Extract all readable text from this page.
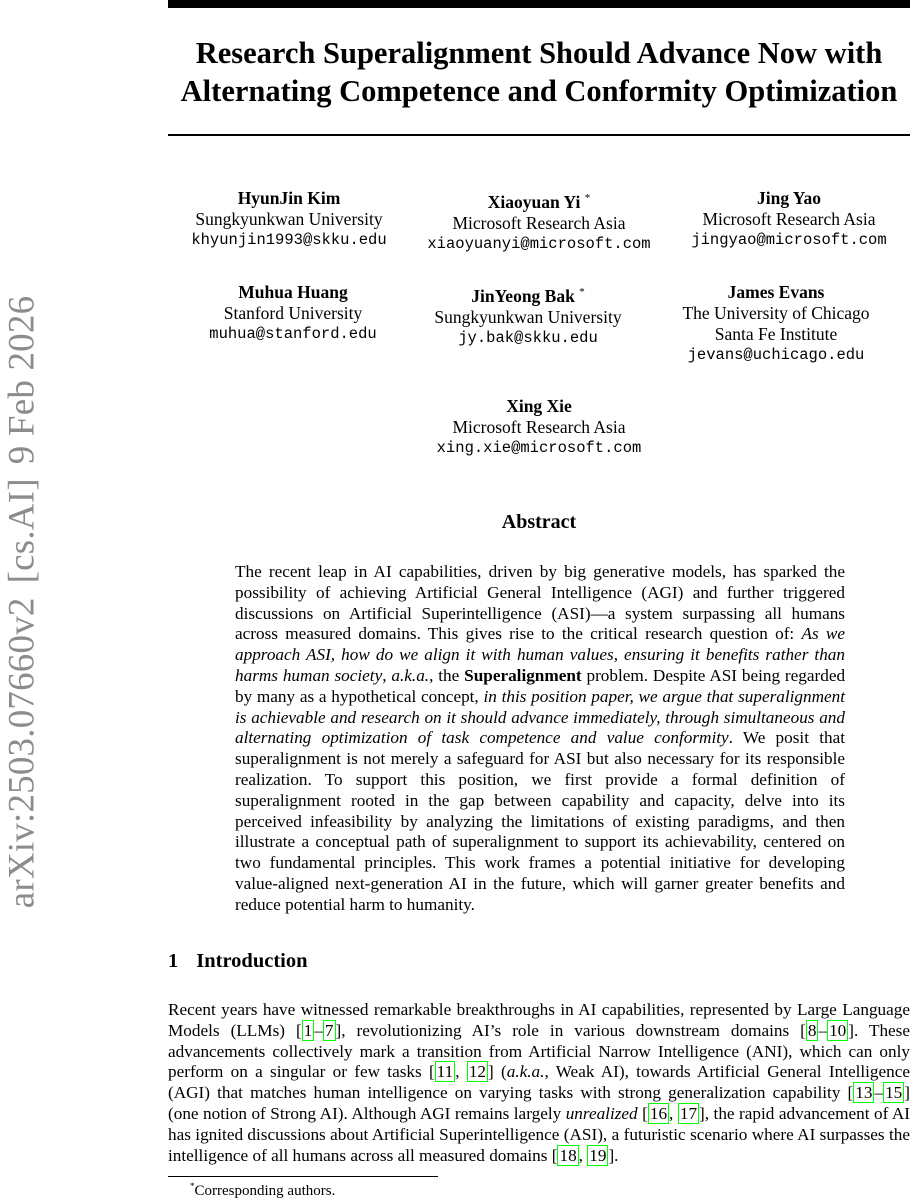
arXiv:2503.07660v2[cs.AI]9 Feb 2026
Research Superalignment Should Advance Now with
Alternating Competence and Conformity Optimization
HyunJin Kim
Sungkyunkwan University
khyunjin1993@skku.edu
Xiaoyuan Yi *
Microsoft Research Asia
xiaoyuanyi@microsoft.com
Jing Yao
Microsoft Research Asia
jingyao@microsoft.com
Muhua Huang
Stanford University
muhua@stanford.edu
JinYeong Bak *
Sungkyunkwan University
jy.bak@skku.edu
James Evans
The University of Chicago
Santa Fe Institute
jevans@uchicago.edu
Xing Xie
Microsoft Research Asia
xing.xie@microsoft.com
Abstract

The recent leap in AI capabilities, driven by big generative models, has sparked the possibility of achieving Artificial General Intelligence (AGI) and further triggered discussions on Artificial Superintelligence (ASI)—a system surpassing all humans across measured domains. This gives rise to the critical research question of: As we approach ASI, how do we align it with human values, ensuring it benefits rather than harms human society, a.k.a., the Superalignment problem. Despite ASI being regarded by many as a hypothetical concept, in this position paper, we argue that superalignment is achievable and research on it should advance immediately, through simultaneous and alternating optimization of task competence and value conformity. We posit that superalignment is not merely a safeguard for ASI but also necessary for its responsible realization. To support this position, we first provide a formal definition of superalignment rooted in the gap between capability and capacity, delve into its perceived infeasibility by analyzing the limitations of existing paradigms, and then illustrate a conceptual path of superalignment to support its achievability, centered on two fundamental principles. This work frames a potential initiative for developing value-aligned next-generation AI in the future, which will garner greater benefits and reduce potential harm to humanity.

1 Introduction

Recent years have witnessed remarkable breakthroughs in AI capabilities, represented by Large Language Models (LLMs) [ 1 – 7 ], revolutionizing AI’s role in various downstream domains [ 8 – 10 ]. These advancements collectively mark a transition from Artificial Narrow Intelligence (ANI), which can only perform on a singular or few tasks [ 11 , 12 ] (a.k.a., Weak AI), towards Artificial General Intelligence (AGI) that matches human intelligence on varying tasks with strong generalization capability [ 13 – 15 ] (one notion of Strong AI). Although AGI remains largely unrealized [ 16 , 17 ], the rapid advancement of AI has ignited discussions about Artificial Superintelligence (ASI), a futuristic scenario where AI surpasses the intelligence of all humans across all measured domains [ 18 , 19 ].

*Corresponding authors.
